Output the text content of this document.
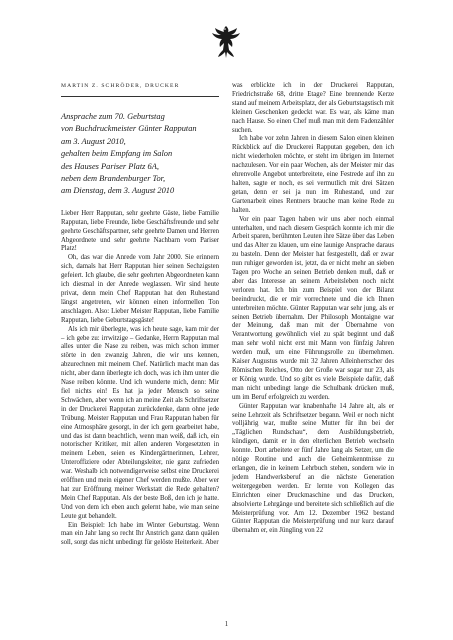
MARTIN Z. SCHRÖDER, DRUCKER
Ansprache zum 70. Geburtstag
von Buchdruckmeister Günter Rapputan
am 3. August 2010,
gehalten beim Empfang im Salon
des Hauses Pariser Platz 6A,
neben dem Brandenburger Tor,
am Dienstag, dem 3. August 2010

Lieber Herr Rapputan, sehr geehrte Gäste, liebe Familie Rapputan, liebe Freunde, liebe Geschäftsfreunde und sehr geehrte Geschäftspartner, sehr geehrte Damen und Herren Abgeordnete und sehr geehrte Nachbarn vom Pariser Platz!

Oh, das war die Anrede vom Jahr 2000. Sie erinnern sich, damals hat Herr Rapputan hier seinen Sechzigsten gefeiert. Ich glaube, die sehr geehrten Abgeordneten kann ich diesmal in der Anrede weglassen. Wir sind heute privat, denn mein Chef Rapputan hat den Ruhestand längst angetreten, wir können einen informellen Ton anschlagen. Also: Lieber Meister Rapputan, liebe Familie Rapputan, liebe Geburtstagsgäste!

Als ich mir überlegte, was ich heute sage, kam mir der – ich gebe zu: irrwitzige – Gedanke, Herrn Rapputan mal alles unter die Nase zu reiben, was mich schon immer störte in den zwanzig Jahren, die wir uns kennen, abzurechnen mit meinem Chef. Natürlich macht man das nicht, aber dann überlegte ich doch, was ich ihm unter die Nase reiben könnte. Und ich wunderte mich, denn: Mir fiel nichts ein! Es hat ja jeder Mensch so seine Schwächen, aber wenn ich an meine Zeit als Schriftsetzer in der Druckerei Rapputan zurückdenke, dann ohne jede Trübung. Meister Rapputan und Frau Rapputan haben für eine Atmosphäre gesorgt, in der ich gern gearbeitet habe, und das ist dann beachtlich, wenn man weiß, daß ich, ein notorischer Kritiker, mit allen anderen Vorgesetzten in meinem Leben, seien es Kindergärtnerinnen, Lehrer, Unteroffiziere oder Abteilungsleiter, nie ganz zufrieden war. Weshalb ich notwendigerweise selbst eine Druckerei eröffnen und mein eigener Chef werden mußte. Aber wer hat zur Eröffnung meiner Werkstatt die Rede gehalten? Mein Chef Rapputan. Als der beste Boß, den ich je hatte. Und von dem ich eben auch gelernt habe, wie man seine Leute gut behandelt.

Ein Beispiel: Ich habe im Winter Geburtstag. Wenn man ein Jahr lang so recht Ihr Anstrich ganz dann quälen soll, sorgt das nicht unbedingt für gelöste Heiterkeit. Aber

was erblickte ich in der Druckerei Rapputan, Friedrichstraße 68, dritte Etage? Eine brennende Kerze stand auf meinem Arbeitsplatz, der als Geburtstagstisch mit kleinen Geschenken gedeckt war. Es war, als käme man nach Hause. So einen Chef muß man mit dem Fadenzähler suchen.

Ich habe vor zehn Jahren in diesem Salon einen kleinen Rückblick auf die Druckerei Rapputan gegeben, den ich nicht wiederholen möchte, er steht im übrigen im Internet nachzulesen. Vor ein paar Wochen, als der Meister mir das ehrenvolle Angebot unterbreitete, eine Festrede auf ihn zu halten, sagte er noch, es sei vermutlich mit drei Sätzen getan, denn er sei ja nun im Ruhestand, und zur Gartenarbeit eines Rentners brauche man keine Rede zu halten.

Vor ein paar Tagen haben wir uns aber noch einmal unterhalten, und nach diesem Gespräch konnte ich mir die Arbeit sparen, berühmten Leuten ihre Sätze über das Leben und das Alter zu klauen, um eine launige Ansprache daraus zu basteln. Denn der Meister hat festgestellt, daß er zwar nun ruhiger geworden ist, jetzt, da er nicht mehr an sieben Tagen pro Woche an seinen Betrieb denken muß, daß er aber das Interesse an seinem Arbeitsleben noch nicht verloren hat. Ich bin zum Beispiel von der Bilanz beeindruckt, die er mir vorrechnete und die ich Ihnen unterbreiten möchte. Günter Rapputan war sehr jung, als er seinen Betrieb übernahm. Der Philosoph Montaigne war der Meinung, daß man mit der Übernahme von Verantwortung gewöhnlich viel zu spät beginnt und daß man sehr wohl nicht erst mit Mann von fünfzig Jahren werden muß, um eine Führungsrolle zu übernehmen. Kaiser Augustus wurde mit 32 Jahren Alleinherrscher des Römischen Reiches, Otto der Große war sogar nur 23, als er König wurde. Und so gibt es viele Beispiele dafür, daß man nicht unbedingt lange die Schulbank drücken muß, um im Beruf erfolgreich zu werden.

Günter Rapputan war knabenhafte 14 Jahre alt, als er seine Lehrzeit als Schriftsetzer begann. Weil er noch nicht volljährig war, mußte seine Mutter für ihn bei der „Täglichen Rundschau“, dem Ausbildungsbetrieb, kündigen, damit er in den elterlichen Betrieb wechseln konnte. Dort arbeitete er fünf Jahre lang als Setzer, um die nötige Routine und auch die Geheimkenntnisse zu erlangen, die in keinem Lehrbuch stehen, sondern wie in jedem Handwerksberuf an die nächste Generation weitergegeben werden. Er lernte von Kollegen das Einrichten einer Druckmaschine und das Drucken, absolvierte Lehrgänge und bereitete sich schließlich auf die Meisterprüfung vor. Am 12. Dezember 1962 bestand Günter Rapputan die Meisterprüfung und nur kurz darauf übernahm er, ein Jüngling von 22

1
